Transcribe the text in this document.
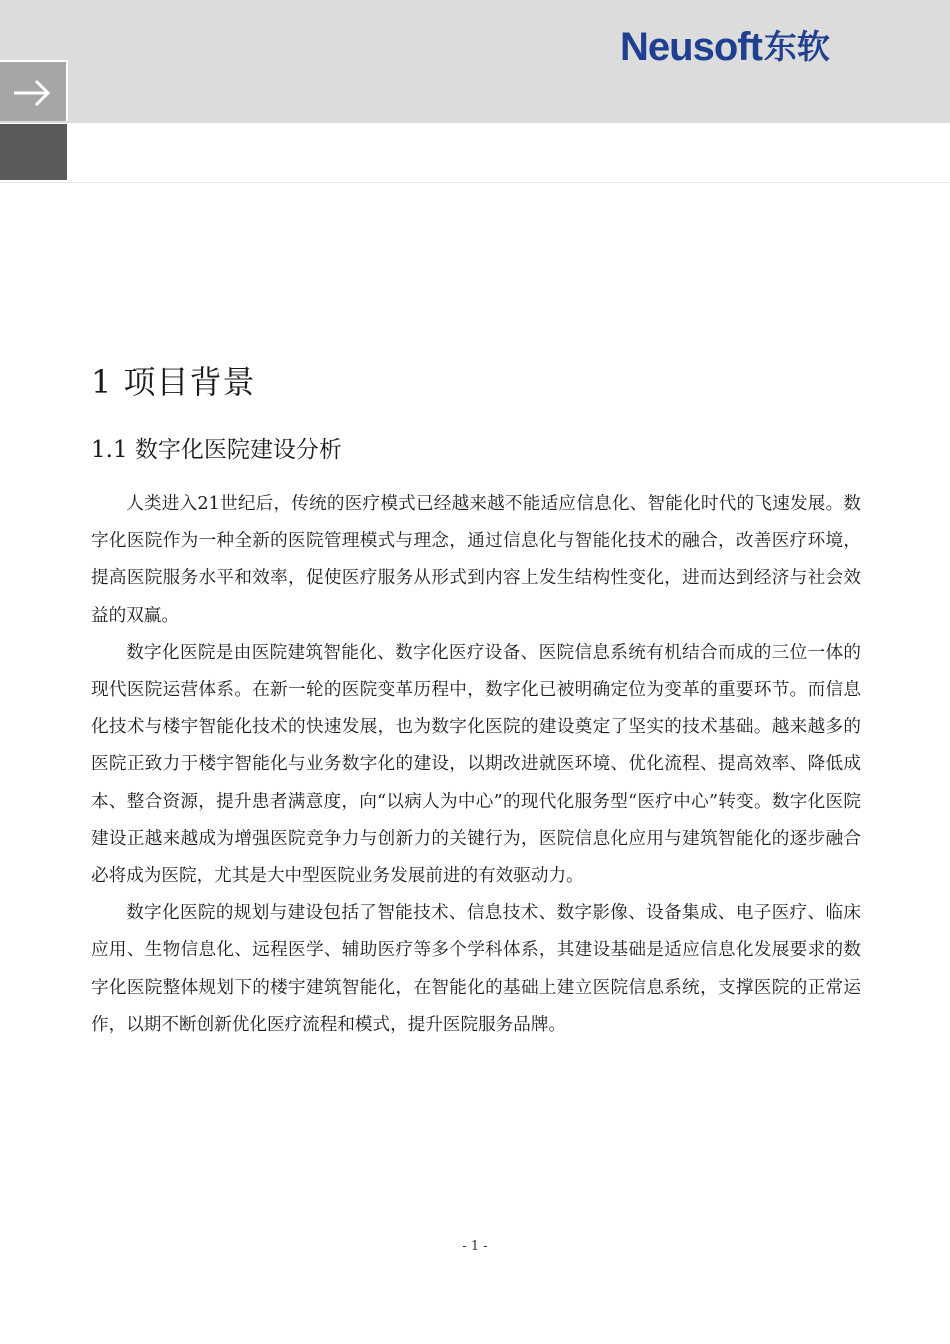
Neusoft 东软
1 项目背景
1.1 数字化医院建设分析

人类进入21世纪后，传统的医疗模式已经越来越不能适应信息化、智能化时代的飞速发展。数字化医院作为一种全新的医院管理模式与理念，通过信息化与智能化技术的融合，改善医疗环境，提高医院服务水平和效率，促使医疗服务从形式到内容上发生结构性变化，进而达到经济与社会效益的双赢。

数字化医院是由医院建筑智能化、数字化医疗设备、医院信息系统有机结合而成的三位一体的现代医院运营体系。在新一轮的医院变革历程中，数字化已被明确定位为变革的重要环节。而信息化技术与楼宇智能化技术的快速发展，也为数字化医院的建设奠定了坚实的技术基础。越来越多的医院正致力于楼宇智能化与业务数字化的建设，以期改进就医环境、优化流程、提高效率、降低成本、整合资源，提升患者满意度，向“以病人为中心”的现代化服务型“医疗中心”转变。数字化医院建设正越来越成为增强医院竞争力与创新力的关键行为，医院信息化应用与建筑智能化的逐步融合必将成为医院，尤其是大中型医院业务发展前进的有效驱动力。

数字化医院的规划与建设包括了智能技术、信息技术、数字影像、设备集成、电子医疗、临床应用、生物信息化、远程医学、辅助医疗等多个学科体系，其建设基础是适应信息化发展要求的数字化医院整体规划下的楼宇建筑智能化，在智能化的基础上建立医院信息系统，支撑医院的正常运作，以期不断创新优化医疗流程和模式，提升医院服务品牌。

- 1 -
